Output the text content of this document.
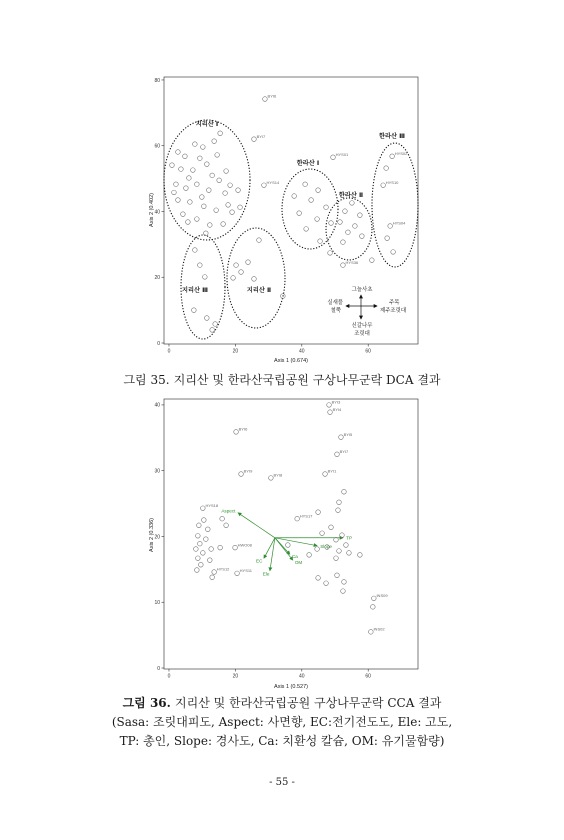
Axis 1 (0.674)
Axis 2 (0.402)
지리산 Ⅰ
한라산 Ⅰ
한라산 Ⅱ
한라산 Ⅲ
지리산 Ⅲ	지리산 Ⅱ	그늘사초
실새풀
철쭉
주목
제주조릿대
신갈나무
조릿대
Axis 1 (0.527)
Axis 2 (0.336)
0	20	40	60
0
20
40
60
80
HYS01	HYS02
HYS10
HYS04
BYI6
BYI7
HYS14
HYS36
0	20	40	60
0
10
20
30
40
Aspect
TP
Slope
Ca
OM
EC
Ele
BYI3
BYI4
BYI5
BYI7
BYI6
BYI9
BYI8
BYI1
HYS17
INS09
INS02
HYS18
HYS12	HYS11
HWO08
그림 35. 지리산 및 한라산국립공원 구상나무군락 DCA 결과
그림 36. 지리산 및 한라산국립공원 구상나무군락 CCA 결과
(Sasa: 조릿대피도, Aspect: 사면향, EC:전기전도도, Ele: 고도,
TP: 총인, Slope: 경사도, Ca: 치환성 칼슘, OM: 유기물함량)
- 55 -
